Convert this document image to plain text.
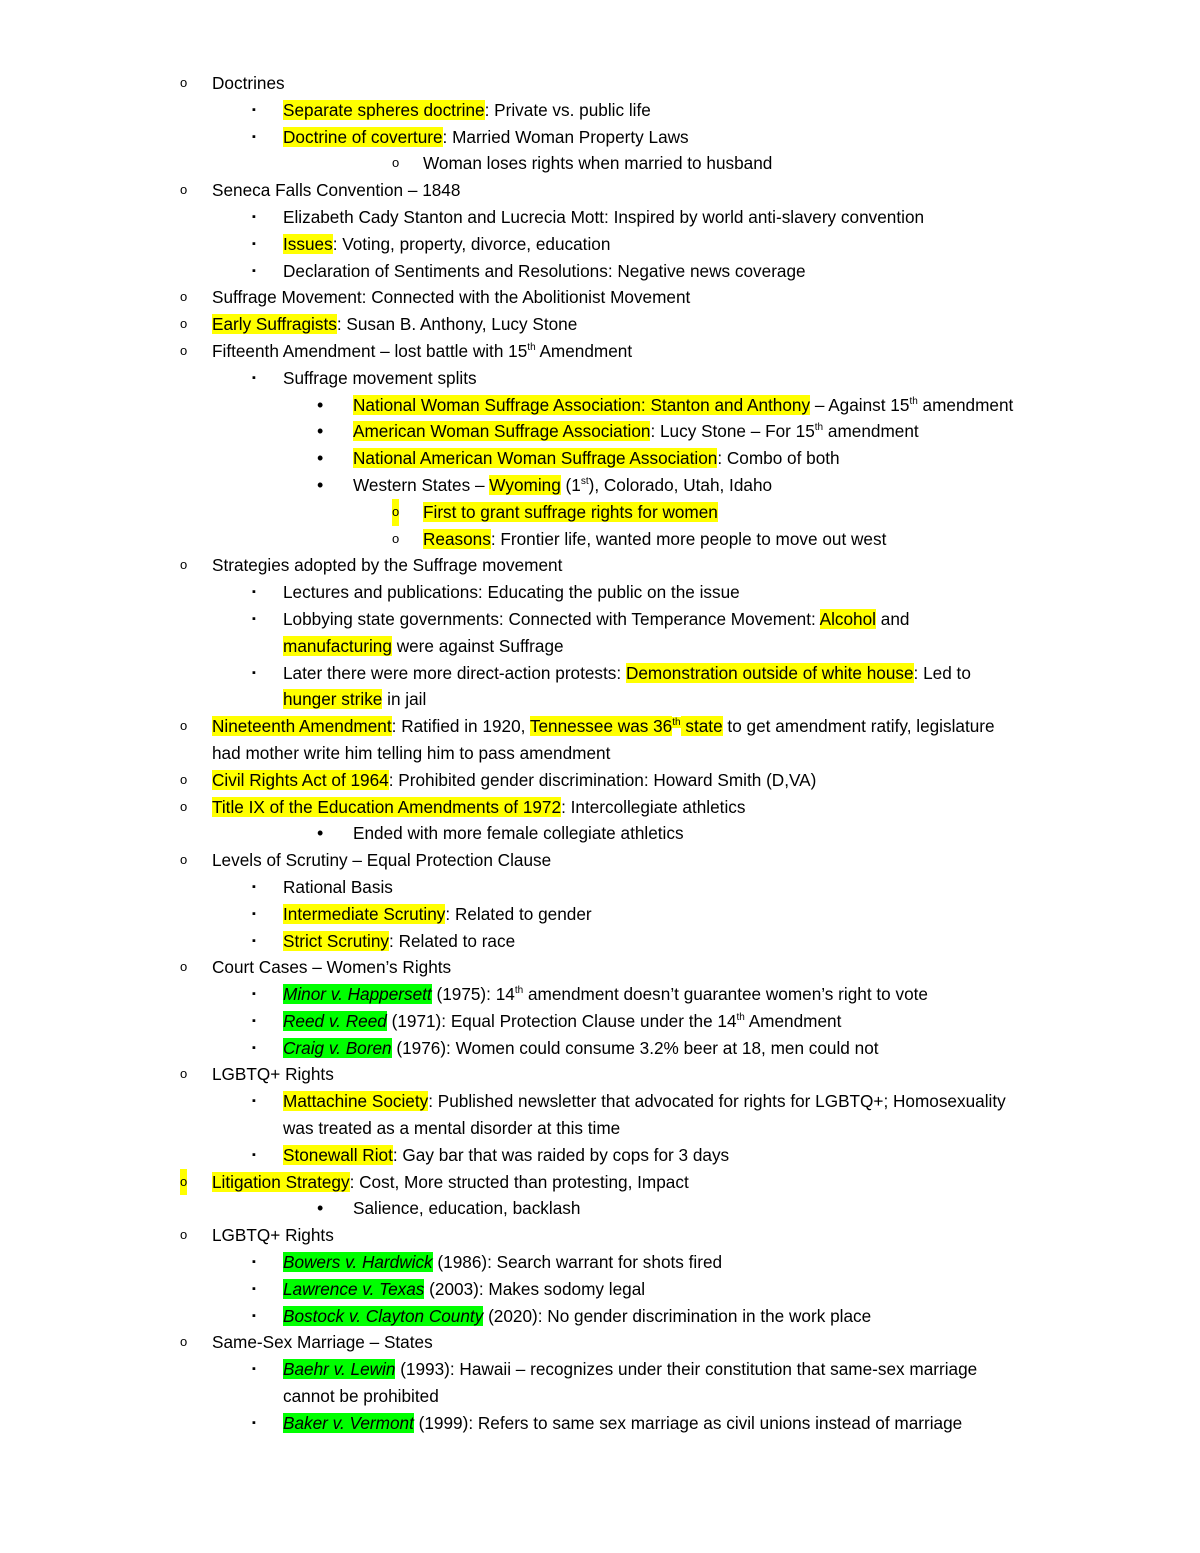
o Doctrines
▪ Separate spheres doctrine: Private vs. public life
▪ Doctrine of coverture: Married Woman Property Laws
o Woman loses rights when married to husband
o Seneca Falls Convention – 1848
▪ Elizabeth Cady Stanton and Lucrecia Mott: Inspired by world anti-slavery convention
▪ Issues: Voting, property, divorce, education
▪ Declaration of Sentiments and Resolutions: Negative news coverage
o Suffrage Movement: Connected with the Abolitionist Movement
o Early Suffragists: Susan B. Anthony, Lucy Stone
o Fifteenth Amendment – lost battle with 15th Amendment
▪ Suffrage movement splits
• National Woman Suffrage Association: Stanton and Anthony – Against 15th amendment
• American Woman Suffrage Association: Lucy Stone – For 15th amendment
• National American Woman Suffrage Association: Combo of both
• Western States – Wyoming (1st), Colorado, Utah, Idaho
o First to grant suffrage rights for women
o Reasons: Frontier life, wanted more people to move out west
o Strategies adopted by the Suffrage movement
▪ Lectures and publications: Educating the public on the issue
▪ Lobbying state governments: Connected with Temperance Movement: Alcohol and
manufacturing were against Suffrage
▪ Later there were more direct-action protests: Demonstration outside of white house: Led to
hunger strike in jail
o Nineteenth Amendment: Ratified in 1920, Tennessee was 36th state to get amendment ratify, legislature
had mother write him telling him to pass amendment
o Civil Rights Act of 1964: Prohibited gender discrimination: Howard Smith (D,VA)
o Title IX of the Education Amendments of 1972: Intercollegiate athletics
• Ended with more female collegiate athletics
o Levels of Scrutiny – Equal Protection Clause
▪ Rational Basis
▪ Intermediate Scrutiny: Related to gender
▪ Strict Scrutiny: Related to race
o Court Cases – Women’s Rights
▪ Minor v. Happersett (1975): 14th amendment doesn’t guarantee women’s right to vote
▪ Reed v. Reed (1971): Equal Protection Clause under the 14th Amendment
▪ Craig v. Boren (1976): Women could consume 3.2% beer at 18, men could not
o LGBTQ+ Rights
▪ Mattachine Society: Published newsletter that advocated for rights for LGBTQ+; Homosexuality
was treated as a mental disorder at this time
▪ Stonewall Riot: Gay bar that was raided by cops for 3 days
o Litigation Strategy: Cost, More structed than protesting, Impact
• Salience, education, backlash
o LGBTQ+ Rights
▪ Bowers v. Hardwick (1986): Search warrant for shots fired
▪ Lawrence v. Texas (2003): Makes sodomy legal
▪ Bostock v. Clayton County (2020): No gender discrimination in the work place
o Same-Sex Marriage – States
▪ Baehr v. Lewin (1993): Hawaii – recognizes under their constitution that same-sex marriage
cannot be prohibited
▪ Baker v. Vermont (1999): Refers to same sex marriage as civil unions instead of marriage
